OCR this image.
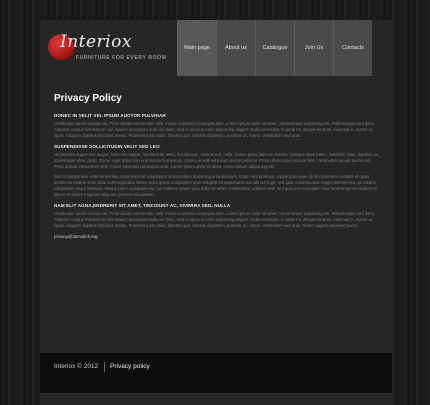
Interiox
FURNITURE FOR EVERY ROOM
Main page	About us	Catalogue	Join Us	Contacts
Privacy Policy
DONEC IN VELIT VEL IPSUM AUCTOR PULVINAR

Vestibulum iaculis lacinia est. Proin dictum elementum velit. Fusce euismod consequat ante. Lorem ipsum dolor sit amet, consectetuer adipiscing elit. Pellentesque sed dolor. Aliquam congue fermentum nisl. Mauris accumsan nulla vel diam. Sed in lacus ut enim adipiscing aliquet. Nulla venenatis. In pede mi, aliquet sit amet, euismod in, auctor ut, ligula. Aliquam dapibus tincidunt metus. Praesent justo dolor, lobortis quis, lobortis dignissim, pulvinar ac, lorem. Vestibulum sed ante.

SUSPENDISSE SOLLICITUDIN VELIT SED LEO

Ut pharetra augue nec augue. Nam elit magna, hendrerit sit amet, tincidunt ac, viverra sed, nulla. Donec porta diam eu massa. Quisque diam lorem, interdum vitae, dapibus ac, scelerisque vitae, pede. Donec eget tellus non erat lacinia fermentum. Donec in velit vel ipsum auctor pulvinar. Proin ullamcorper urna et felis. Vestibulum iaculis lacinia est. Proin dictum elementum velit. Fusce euismod consequat ante. Lorem ipsum dolor sit amet, consectetuer adipiscing elit.

Sed ut perspiciatis unde omnis iste natus error sit voluptatem accusantium doloremque laudantium, totam rem aperiam, eaque ipsa quae ab illo inventore veritatis et quasi architecto beatae vitae dicta sunt explicabo. Nemo enim ipsam voluptatem quia voluptas sit aspernatur aut odit aut fugit, sed quia consequuntur magni dolores eos qui ratione voluptatem sequi nesciunt. Neque porro quisquam est, qui dolorem ipsum quia dolor sit amet, consectetur, adipisci velit, sed quia non numquam eius modi tempora incidunt ut labore et dolore magnam aliquam quaerat voluptatem.

NAM ELIT AGNA,ENDRERIT SIT AMET, TINCIDUNT AC, VIVERRA SED, NULLA

Vestibulum iaculis lacinia est. Proin dictum elementum velit. Fusce euismod consequat ante. Lorem ipsum dolor sit amet, consectetuer adipiscing elit. Pellentesque sed dolor. Aliquam congue fermentum nisl. Mauris accumsan nulla vel diam. Sed in lacus ut enim adipiscing aliquet. Nulla venenatis. In pede mi, aliquet sit amet, euismod in, auctor ut, ligula. Aliquam dapibus tincidunt metus. Praesent justo dolor, lobortis quis, lobortis dignissim, pulvinar ac, lorem. Vestibulum sed ante. Donec sagittis euismod purus.

privacy@demolink.org
Interiox © 2012 Privacy policy
